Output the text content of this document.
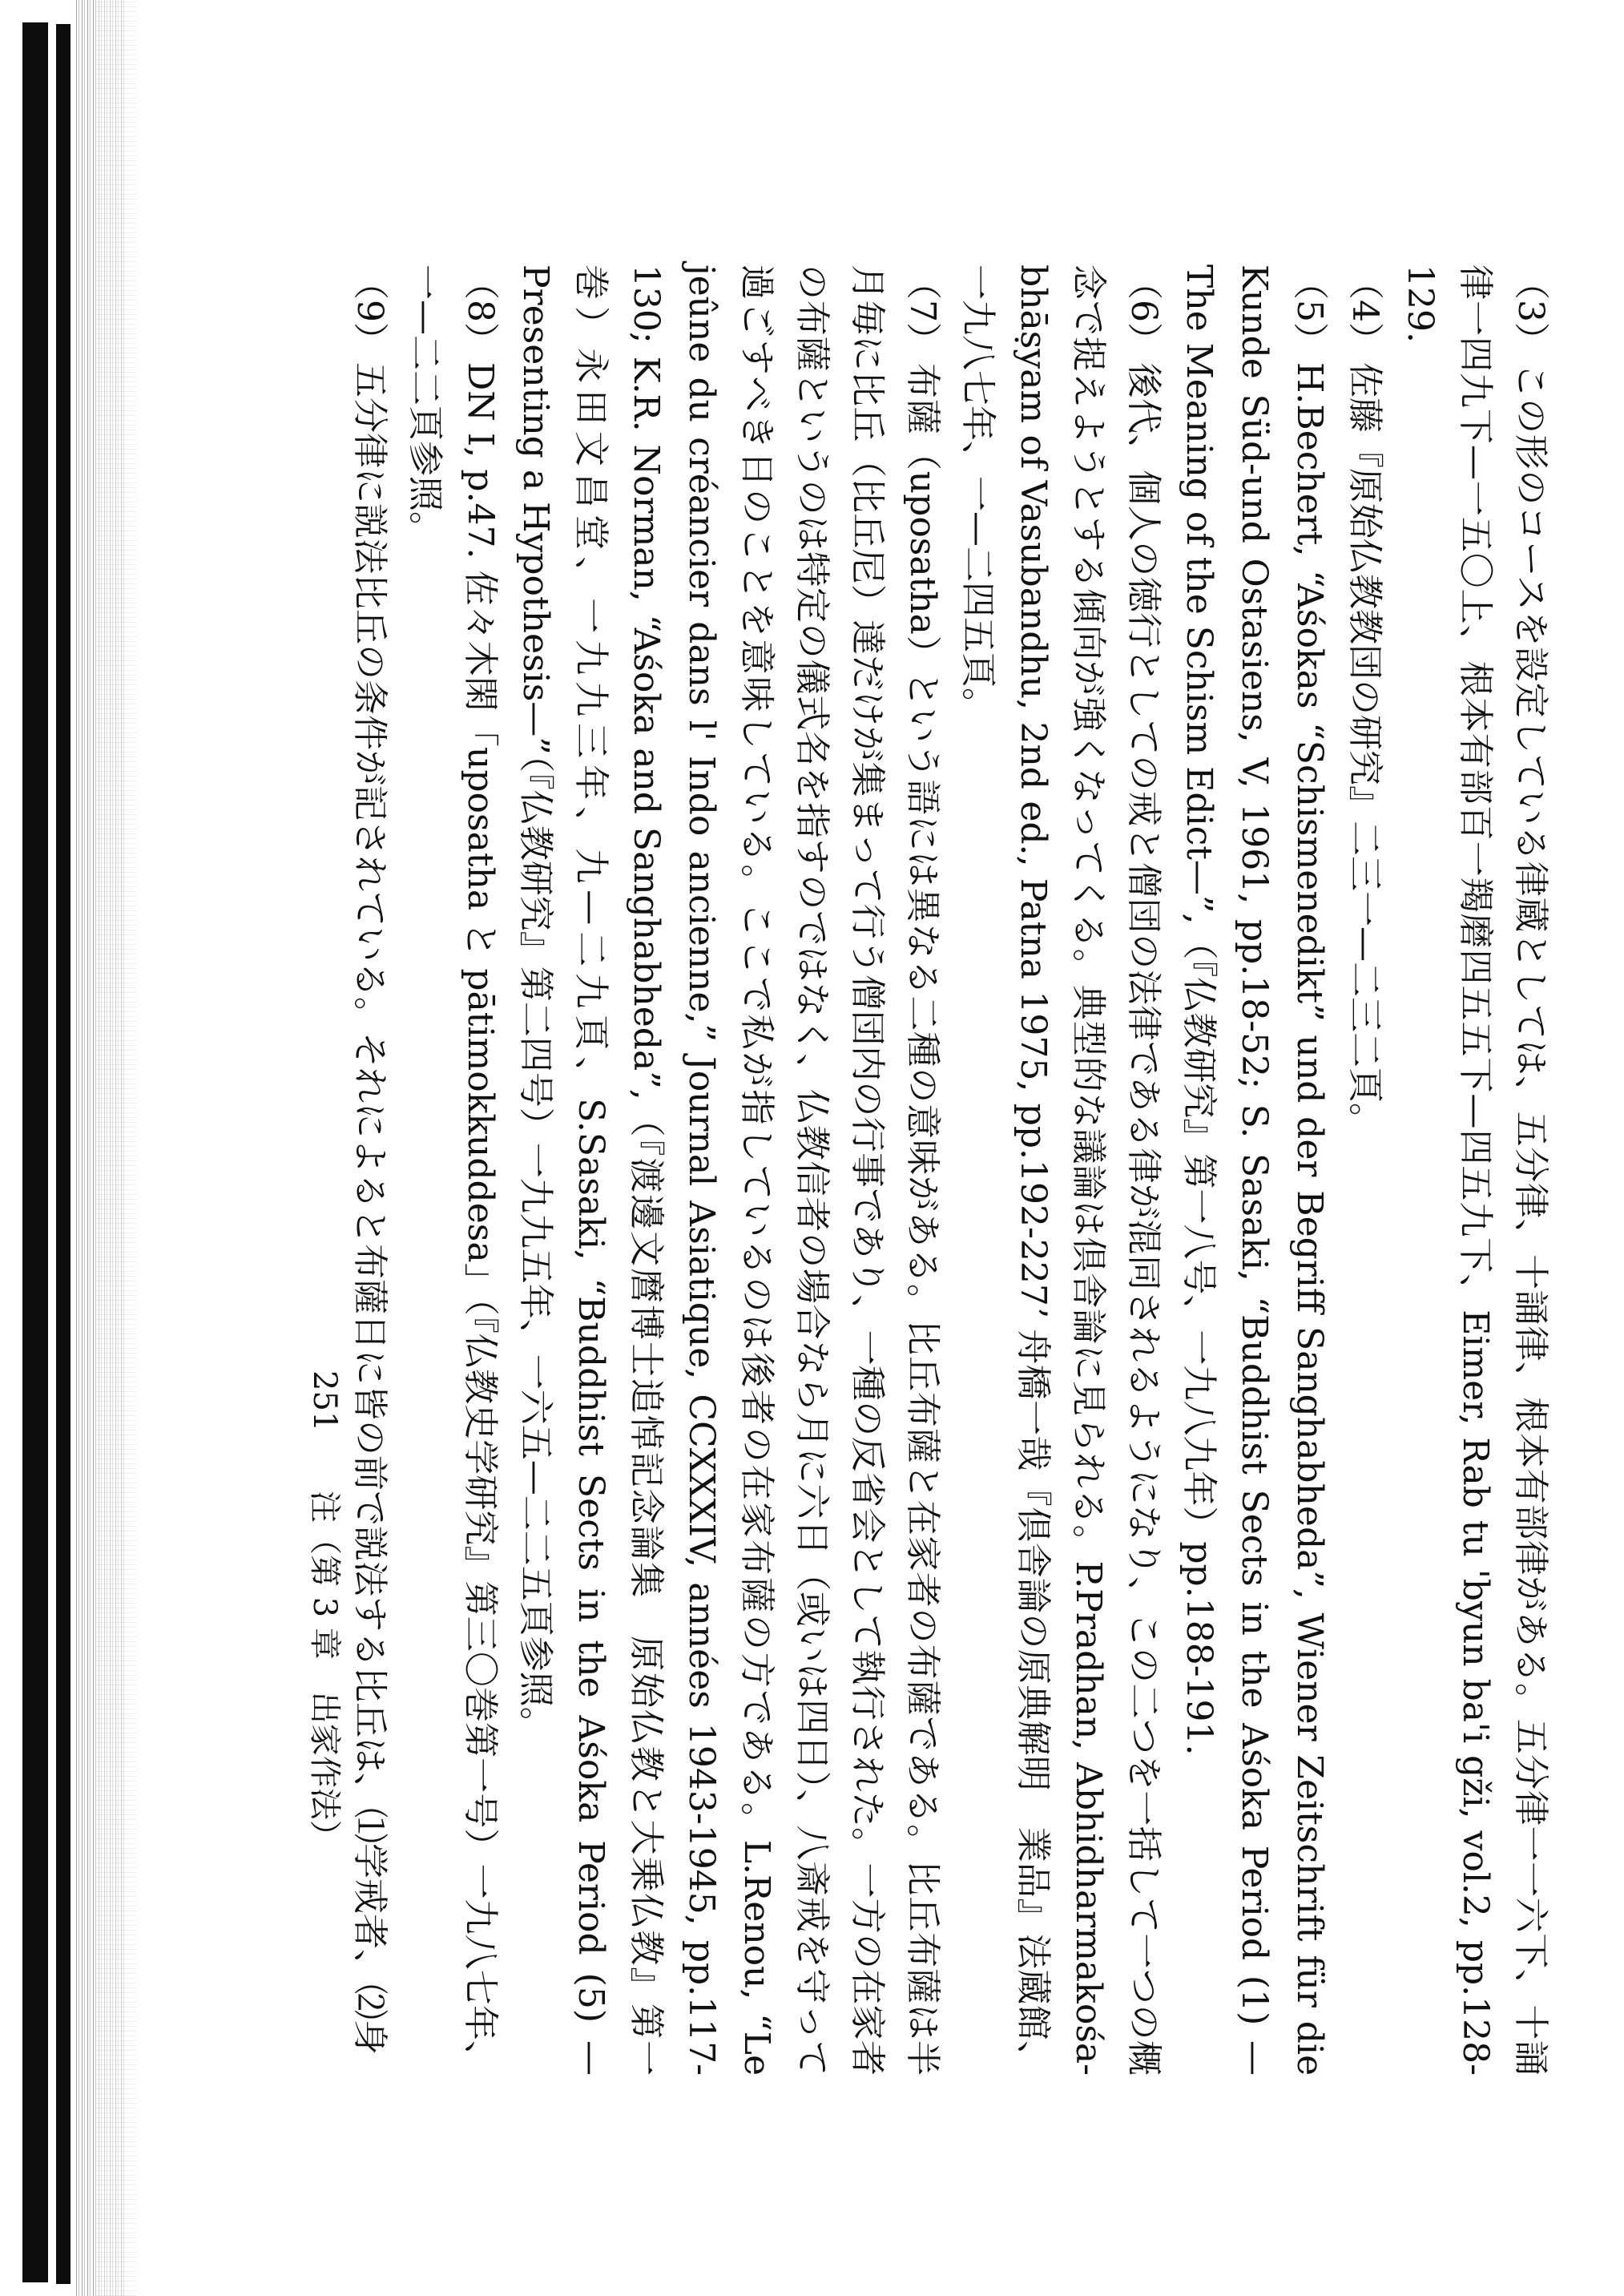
（3）この形のコースを設定している律蔵としては、五分律、十誦律、根本有部律がある。五分律一一六下、十誦律一四九下—一五〇上、根本有部百一羯磨四五五下—四五九下、Eimer, Rab tu 'byun ba'i gži, vol.2, pp.128-129.
（4）佐藤『原始仏教教団の研究』二三一—二三二頁。
（5）H.Bechert, “Aśokas “Schismenedikt” und der Begriff Sanghabheda”, Wiener Zeitschrift für die Kunde Süd-und Ostasiens, V, 1961, pp.18-52; S. Sasaki, “Buddhist Sects in the Aśoka Period (1) —The Meaning of the Schism Edict—”,（『仏教研究』第一八号、一九八九年）pp.188-191.
（6）後代、個人の徳行としての戒と僧団の法律である律が混同されるようになり、この二つを一括して一つの概念で捉えようとする傾向が強くなってくる。典型的な議論は倶舎論に見られる。P.Pradhan, Abhidharmakośa-bhāṣyam of Vasubandhu, 2nd ed., Patna 1975, pp.192-227ʼ 舟橋一哉『倶舎論の原典解明　業品』法蔵館、一九八七年、一—二四五頁。
（7）布薩（uposatha）という語には異なる二種の意味がある。比丘布薩と在家者の布薩である。比丘布薩は半月毎に比丘（比丘尼）達だけが集まって行う僧団内の行事であり、一種の反省会として執行された。一方の在家者の布薩というのは特定の儀式名を指すのではなく、仏教信者の場合なら月に六日（或いは四日）、八斎戒を守って過ごすべき日のことを意味している。ここで私が指しているのは後者の在家布薩の方である。L.Renou, “Le jeûne du créancier dans l' Indo ancienne,” Journal Asiatique, CCXXXIV, années 1943-1945, pp.117-130; K.R. Norman, “Aśoka and Sanghabheda”,（『渡邊文麿博士追悼記念論集　原始仏教と大乗仏教』第一巻）永田文昌堂、一九九三年、九—二九頁、S.Sasaki, “Buddhist Sects in the Aśoka Period (5) —Presenting a Hypothesis—”（『仏教研究』第二四号）一九九五年、一六五—二二五頁参照。
（8）DN I, p.47. 佐々木閑「uposatha と pātimokkuddesa」（『仏教史学研究』第三〇巻第一号）一九八七年、一—二二頁参照。
（9）五分律に説法比丘の条件が記されている。それによると布薩日に皆の前で説法する比丘は、⑴学戒者、⑵身
251注（第 3 章　出家作法）
